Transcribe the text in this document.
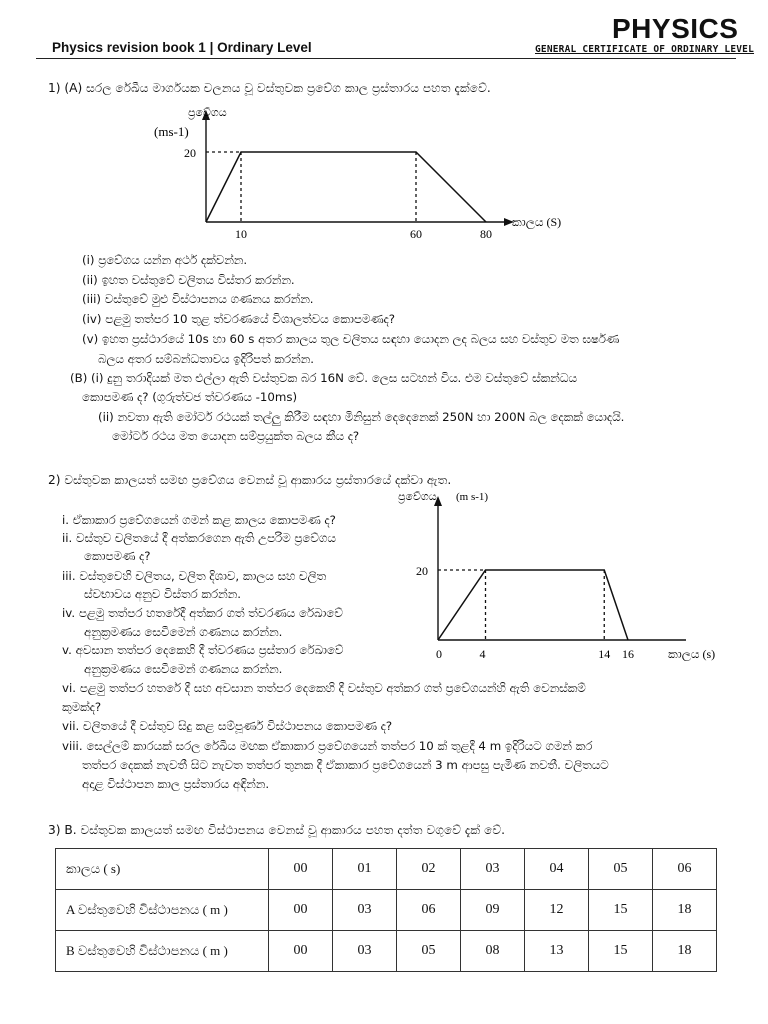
Physics revision book 1 | Ordinary Level
PHYSICS
GENERAL CERTIFICATE OF ORDINARY LEVEL
1) (A) සරල රේඛීය මාර්ගයක චලනය වූ වස්තුවක ප්‍රවේග කාල ප්‍රස්තාරය පහත දැක්වේ.
10	60	80
20
ප්‍රවේගය
(ms-1)
කාලය (S)
(i) ප්‍රවේගය යන්න අර්ථ දක්වන්න.
(ii) ඉහත වස්තුවේ චලිතය විස්තර කරන්න.
(iii) වස්තුවේ මුළු විස්ථාපනය ගණනය කරන්න.
(iv) පළමු තත්පර 10 තුළ ත්වරණයේ විශාලත්වය කොපමණද?
(v) ඉහත ප්‍රස්ථාරයේ 10s හා 60 s අතර කාලය තුල චලිතය සඳහා යොදන ලද බලය සහ වස්තුව මත ඝර්ෂණ
බලය අතර සම්බන්ධතාවය ඉදිරිපත් කරන්න.
(B) (i) දුනු තරාදියක් මත එල්ලා ඇති වස්තුවක බර 16N වේ. ලෙස සටහන් විය. එම වස්තුවේ ස්කන්ධය
කොපමණ ද? (ගුරුත්වජ ත්වරණය -10ms)
(ii) නවතා ඇති මෝටර් රථයක් තල්ලු කිරීම සඳහා මිනිසුන් දෙදෙනෙක් 250N හා 200N බල දෙකක් යොදයි.
මෝටර් රථය මත යොදන සම්ප්‍රයුක්ත බලය කීය ද?
2) වස්තුවක කාලයත් සමඟ ප්‍රවේගය වෙනස් වූ ආකාරය ප්‍රස්තාරයේ දක්වා ඇත.
0	4	14 16
20
ප්‍රවේගය (m s-1)
කාලය (s)
i. ඒකාකාර ප්‍රවේගයෙන් ගමන් කළ කාලය කොපමණ ද?
ii. වස්තුව චලිතයේ දී අත්කරගෙන ඇති උපරිම ප්‍රවේගය
කොපමණ ද?
iii. වස්තුවෙහි චලිතය, චලිත දිශාව, කාලය සහ චලිත
ස්වභාවය අනුව විස්තර කරන්න.
iv. පළමු තත්පර හතරේදී අත්කර ගත් ත්වරණය රේඛාවේ
අනුක්‍රමණය සෙවීමෙන් ගණනය කරන්න.
v. අවසාන තත්පර දෙකෙහි දී ත්වරණය ප්‍රස්තාර රේඛාවේ
අනුක්‍රමණය සෙවීමෙන් ගණනය කරන්න.
vi. පළමු තත්පර හතරේ දී සහ අවසාන තත්පර දෙකෙහි දී වස්තුව අත්කර ගත් ප්‍රවේගයන්හි ඇති වෙනස්කම්
කුමක්ද?
vii. චලිතයේ දී වස්තුව සිදු කළ සම්පූර්ණ විස්ථාපනය කොපමණ ද?
viii. සෙල්ලම් කාරයක් සරල රේඛීය මඟක ඒකාකාර ප්‍රවේගයෙන් තත්පර 10 ක් තුළදී 4 m ඉදිරියට ගමන් කර
තත්පර දෙකක් නැවතී සිට නැවත තත්පර තුනක දී ඒකාකාර ප්‍රවේගයෙන් 3 m ආපසු පැමිණ නවතී. චලිතයට
අදාළ විස්ථාපන කාල ප්‍රස්තාරය අඳින්න.
3) B. වස්තුවක කාලයත් සමඟ විස්ථාපනය වෙනස් වූ ආකාරය පහත දත්ත වගුවේ දැක් වේ.
කාලය ( s)	00	01	02	03	04	05	06
A වස්තුවෙහි විස්ථාපනය ( m )	00	03	06	09	12	15	18
B වස්තුවෙහි විස්ථාපනය ( m )	00	03	05	08	13	15	18
